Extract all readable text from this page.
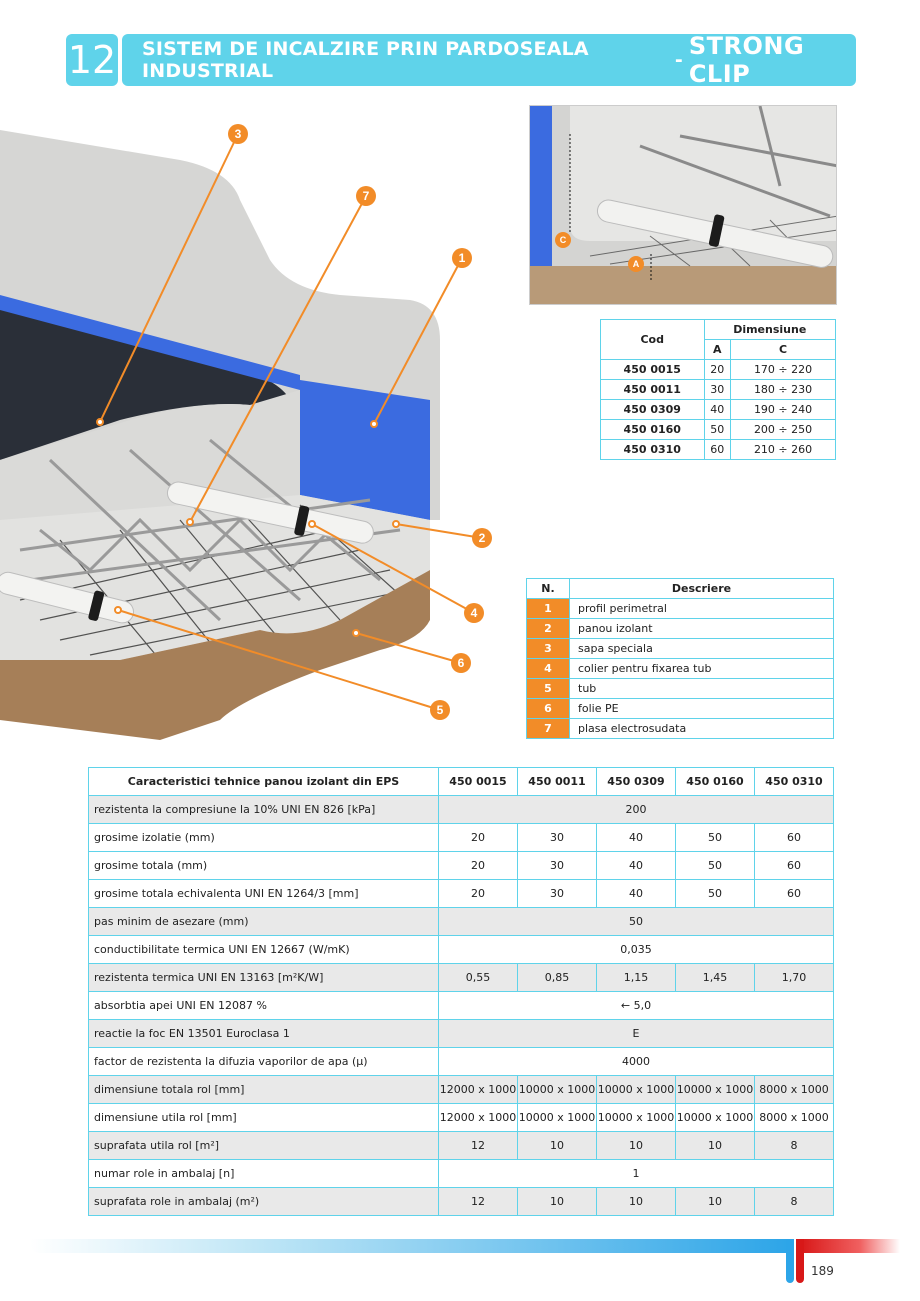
12 SISTEM DE INCALZIRE PRIN PARDOSEALA INDUSTRIAL	- STRONG CLIP
3
7
1
2
4
6
5
C
A
Cod	Dimensiune	
	A	C
450 0015	20	170 ÷ 220
450 0011	30	180 ÷ 230
450 0309	40	190 ÷ 240
450 0160	50	200 ÷ 250
450 0310	60	210 ÷ 260
N.	Descriere
1	profil perimetral
2	panou izolant
3	sapa speciala
4	colier pentru fixarea tub
5	tub
6	folie PE
7	plasa electrosudata
Caracteristici tehnice panou izolant din EPS	450 0015	450 0011	450 0309	450 0160	450 0310
rezistenta la compresiune la 10% UNI EN 826 [kPa]	200				
grosime izolatie (mm)	20	30	40	50	60
grosime totala (mm)	20	30	40	50	60
grosime totala echivalenta UNI EN 1264/3 [mm]	20	30	40	50	60
pas minim de asezare (mm)	50				
conductibilitate termica UNI EN 12667 (W/mK)	0,035				
rezistenta termica UNI EN 13163 [m²K/W]	0,55	0,85	1,15	1,45	1,70
absorbtia apei UNI EN 12087 %	← 5,0				
reactie la foc EN 13501 Euroclasa 1	E				
factor de rezistenta la difuzia vaporilor de apa (μ)	4000				
dimensiune totala rol [mm]	12000 x 1000	10000 x 1000	10000 x 1000	10000 x 1000	8000 x 1000
dimensiune utila rol [mm]	12000 x 1000	10000 x 1000	10000 x 1000	10000 x 1000	8000 x 1000
suprafata utila rol [m²]	12	10	10	10	8
numar role in ambalaj [n]	1				
suprafata role in ambalaj (m²)	12	10	10	10	8
189
